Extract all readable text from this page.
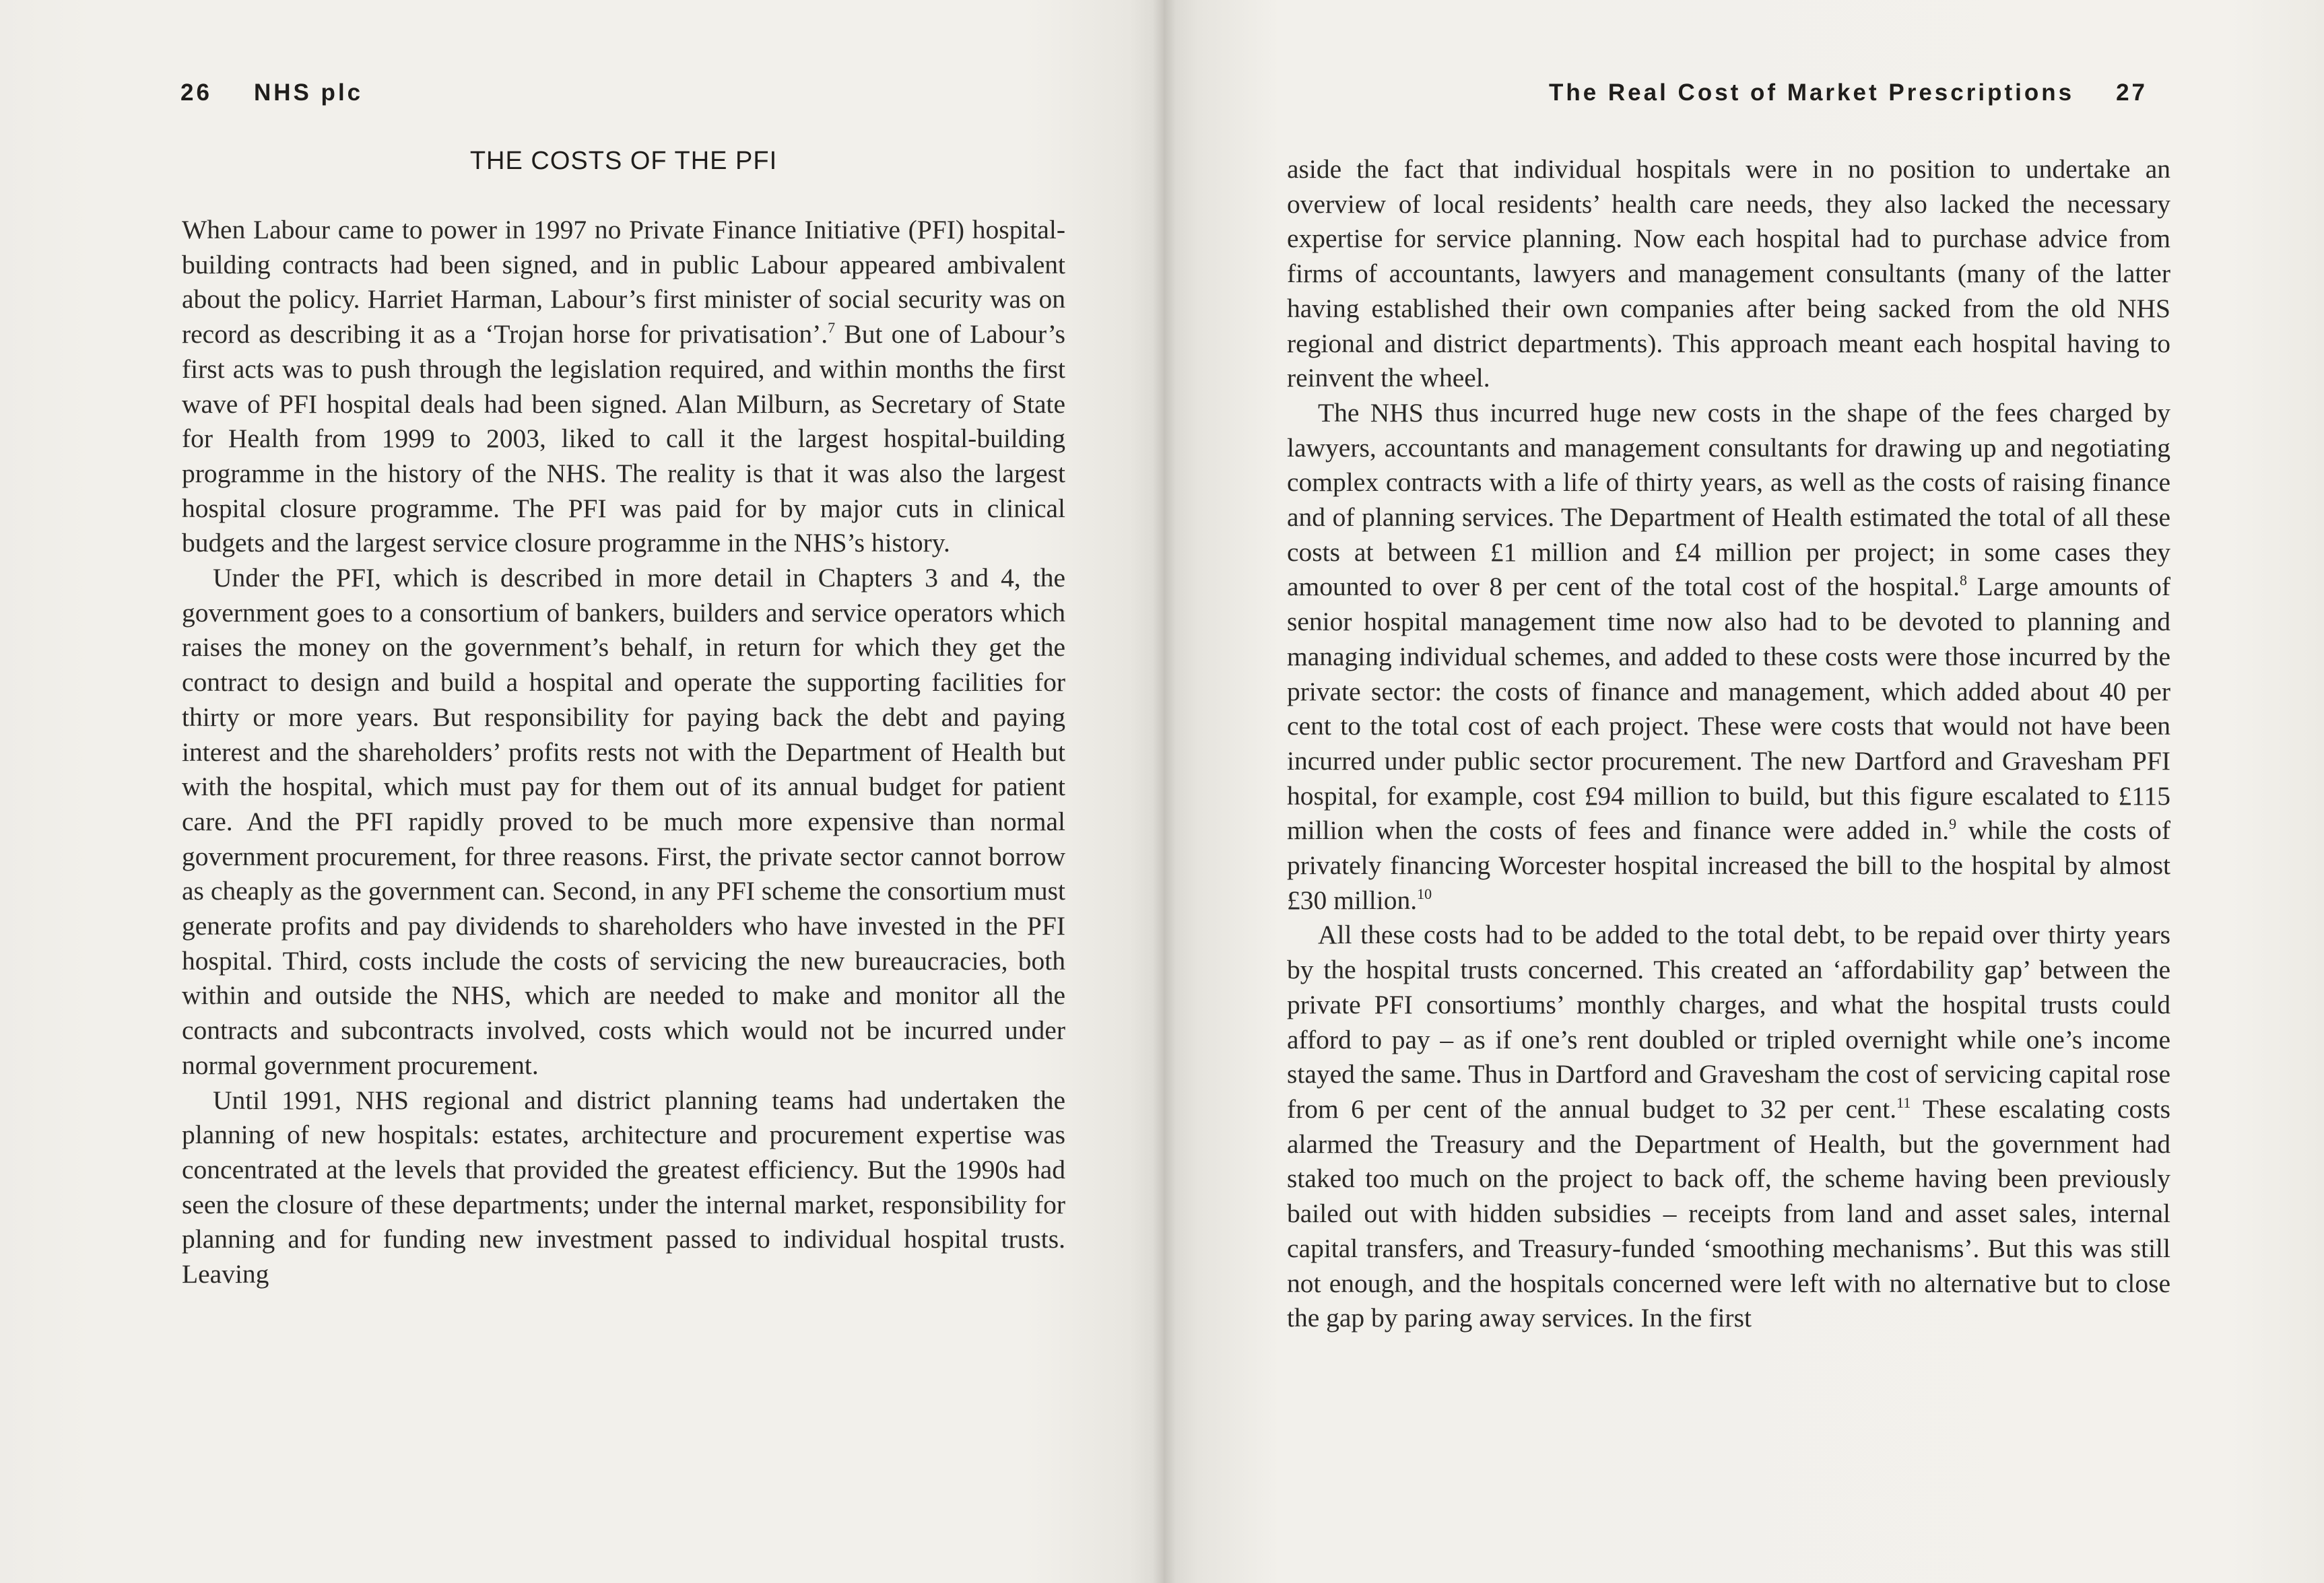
26 NHS plc
THE COSTS OF THE PFI

When Labour came to power in 1997 no Private Finance Initiative (PFI) hospital-building contracts had been signed, and in public Labour appeared ambivalent about the policy. Harriet Harman, Labour’s first minister of social security was on record as describing it as a ‘Trojan horse for privatisation’.$^7$ But one of Labour’s first acts was to push through the legislation required, and within months the first wave of PFI hospital deals had been signed. Alan Milburn, as Secretary of State for Health from 1999 to 2003, liked to call it the largest hospital-building programme in the history of the NHS. The reality is that it was also the largest hospital closure programme. The PFI was paid for by major cuts in clinical budgets and the largest service closure programme in the NHS’s history.

Under the PFI, which is described in more detail in Chapters 3 and 4, the government goes to a consortium of bankers, builders and service operators which raises the money on the government’s behalf, in return for which they get the contract to design and build a hospital and operate the supporting facilities for thirty or more years. But responsibility for paying back the debt and paying interest and the shareholders’ profits rests not with the Department of Health but with the hospital, which must pay for them out of its annual budget for patient care. And the PFI rapidly proved to be much more expensive than normal government procurement, for three reasons. First, the private sector cannot borrow as cheaply as the government can. Second, in any PFI scheme the consortium must generate profits and pay dividends to shareholders who have invested in the PFI hospital. Third, costs include the costs of servicing the new bureaucracies, both within and outside the NHS, which are needed to make and monitor all the contracts and subcontracts involved, costs which would not be incurred under normal government procurement.

Until 1991, NHS regional and district planning teams had undertaken the planning of new hospitals: estates, architecture and procurement expertise was concentrated at the levels that provided the greatest efficiency. But the 1990s had seen the closure of these departments; under the internal market, responsibility for planning and for funding new investment passed to individual hospital trusts. Leaving

The Real Cost of Market Prescriptions 27

aside the fact that individual hospitals were in no position to undertake an overview of local residents’ health care needs, they also lacked the necessary expertise for service planning. Now each hospital had to purchase advice from firms of accountants, lawyers and management consultants (many of the latter having established their own companies after being sacked from the old NHS regional and district departments). This approach meant each hospital having to reinvent the wheel.

The NHS thus incurred huge new costs in the shape of the fees charged by lawyers, accountants and management consultants for drawing up and negotiating complex contracts with a life of thirty years, as well as the costs of raising finance and of planning services. The Department of Health estimated the total of all these costs at between £1 million and £4 million per project; in some cases they amounted to over 8 per cent of the total cost of the hospital.$^8$ Large amounts of senior hospital management time now also had to be devoted to planning and managing individual schemes, and added to these costs were those incurred by the private sector: the costs of finance and management, which added about 40 per cent to the total cost of each project. These were costs that would not have been incurred under public sector procurement. The new Dartford and Gravesham PFI hospital, for example, cost £94 million to build, but this figure escalated to £115 million when the costs of fees and finance were added in.$^9$ while the costs of privately financing Worcester hospital increased the bill to the hospital by almost £30 million.$^{10}$

All these costs had to be added to the total debt, to be repaid over thirty years by the hospital trusts concerned. This created an ‘affordability gap’ between the private PFI consortiums’ monthly charges, and what the hospital trusts could afford to pay – as if one’s rent doubled or tripled overnight while one’s income stayed the same. Thus in Dartford and Gravesham the cost of servicing capital rose from 6 per cent of the annual budget to 32 per cent.$^{11}$ These escalating costs alarmed the Treasury and the Department of Health, but the government had staked too much on the project to back off, the scheme having been previously bailed out with hidden subsidies – receipts from land and asset sales, internal capital transfers, and Treasury-funded ‘smoothing mechanisms’. But this was still not enough, and the hospitals concerned were left with no alternative but to close the gap by paring away services. In the first
